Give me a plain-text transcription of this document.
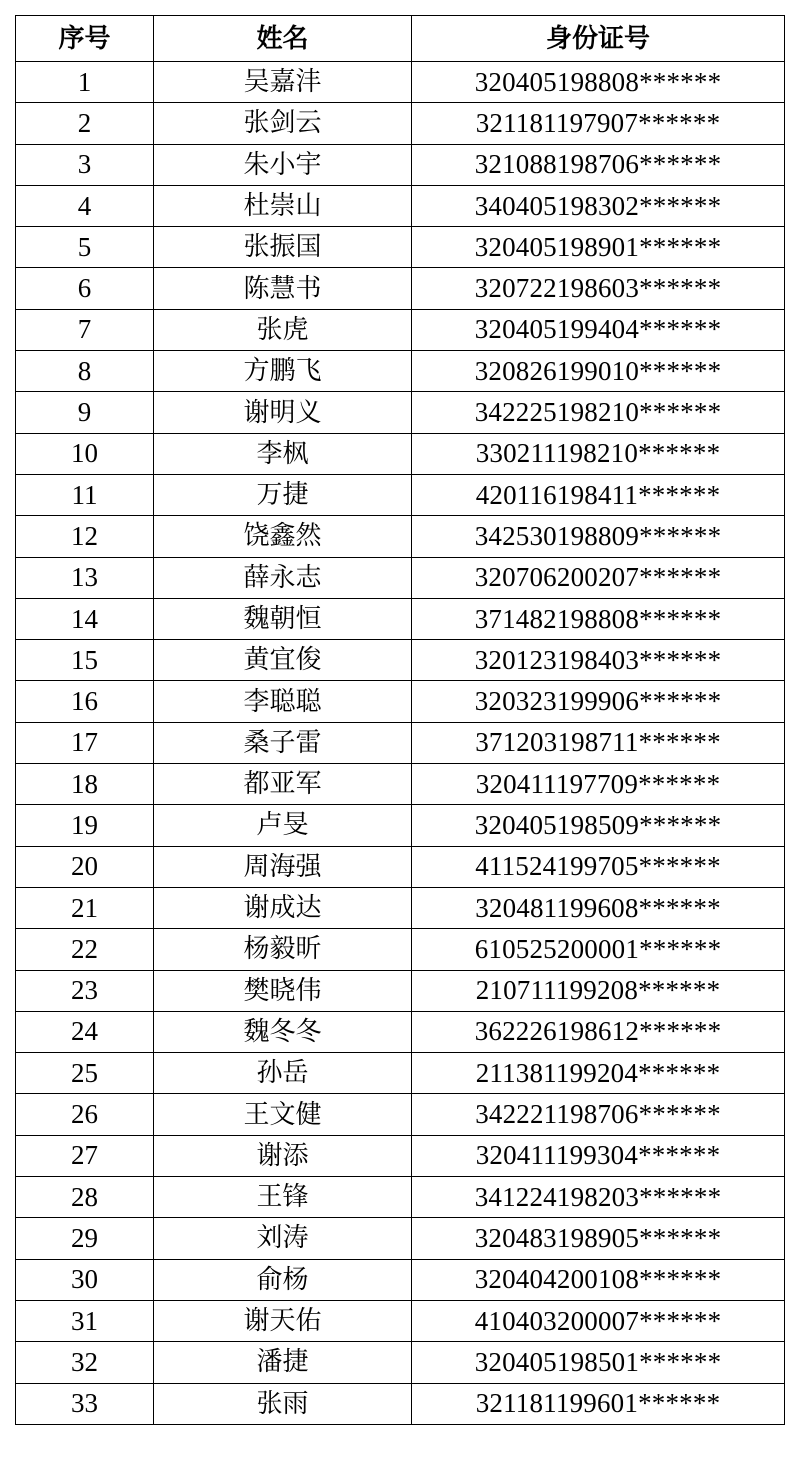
序号	姓名	身份证号
1	吴嘉沣	320405198808******
2	张剑云	321181197907******
3	朱小宇	321088198706******
4	杜崇山	340405198302******
5	张振国	320405198901******
6	陈慧书	320722198603******
7	张虎	320405199404******
8	方鹏飞	320826199010******
9	谢明义	342225198210******
10	李枫	330211198210******
11	万捷	420116198411******
12	饶鑫然	342530198809******
13	薛永志	320706200207******
14	魏朝恒	371482198808******
15	黄宜俊	320123198403******
16	李聪聪	320323199906******
17	桑子雷	371203198711******
18	都亚军	320411197709******
19	卢旻	320405198509******
20	周海强	411524199705******
21	谢成达	320481199608******
22	杨毅昕	610525200001******
23	樊晓伟	210711199208******
24	魏冬冬	362226198612******
25	孙岳	211381199204******
26	王文健	342221198706******
27	谢添	320411199304******
28	王锋	341224198203******
29	刘涛	320483198905******
30	俞杨	320404200108******
31	谢天佑	410403200007******
32	潘捷	320405198501******
33	张雨	321181199601******
